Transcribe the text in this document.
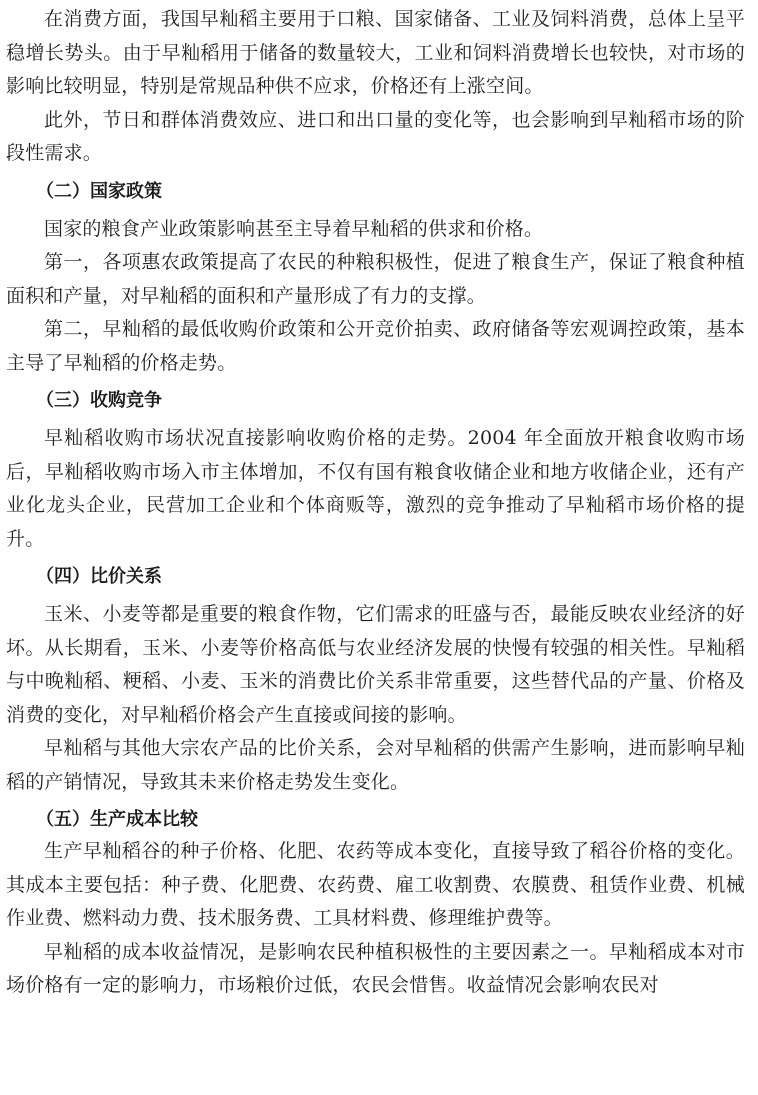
在消费方面，我国早籼稻主要用于口粮、国家储备、工业及饲料消费，总体上呈平稳增长势头。由于早籼稻用于储备的数量较大，工业和饲料消费增长也较快，对市场的影响比较明显，特别是常规品种供不应求，价格还有上涨空间。

此外，节日和群体消费效应、进口和出口量的变化等，也会影响到早籼稻市场的阶段性需求。

（二）国家政策

国家的粮食产业政策影响甚至主导着早籼稻的供求和价格。

第一，各项惠农政策提高了农民的种粮积极性，促进了粮食生产，保证了粮食种植面积和产量，对早籼稻的面积和产量形成了有力的支撑。

第二，早籼稻的最低收购价政策和公开竞价拍卖、政府储备等宏观调控政策，基本主导了早籼稻的价格走势。

（三）收购竞争

早籼稻收购市场状况直接影响收购价格的走势。2004 年全面放开粮食收购市场后，早籼稻收购市场入市主体增加，不仅有国有粮食收储企业和地方收储企业，还有产业化龙头企业，民营加工企业和个体商贩等，激烈的竞争推动了早籼稻市场价格的提升。

（四）比价关系

玉米、小麦等都是重要的粮食作物，它们需求的旺盛与否，最能反映农业经济的好坏。从长期看，玉米、小麦等价格高低与农业经济发展的快慢有较强的相关性。早籼稻与中晚籼稻、粳稻、小麦、玉米的消费比价关系非常重要，这些替代品的产量、价格及消费的变化，对早籼稻价格会产生直接或间接的影响。

早籼稻与其他大宗农产品的比价关系，会对早籼稻的供需产生影响，进而影响早籼稻的产销情况，导致其未来价格走势发生变化。

（五）生产成本比较

生产早籼稻谷的种子价格、化肥、农药等成本变化，直接导致了稻谷价格的变化。其成本主要包括：种子费、化肥费、农药费、雇工收割费、农膜费、租赁作业费、机械作业费、燃料动力费、技术服务费、工具材料费、修理维护费等。

早籼稻的成本收益情况，是影响农民种植积极性的主要因素之一。早籼稻成本对市场价格有一定的影响力，市场粮价过低，农民会惜售。收益情况会影响农民对
